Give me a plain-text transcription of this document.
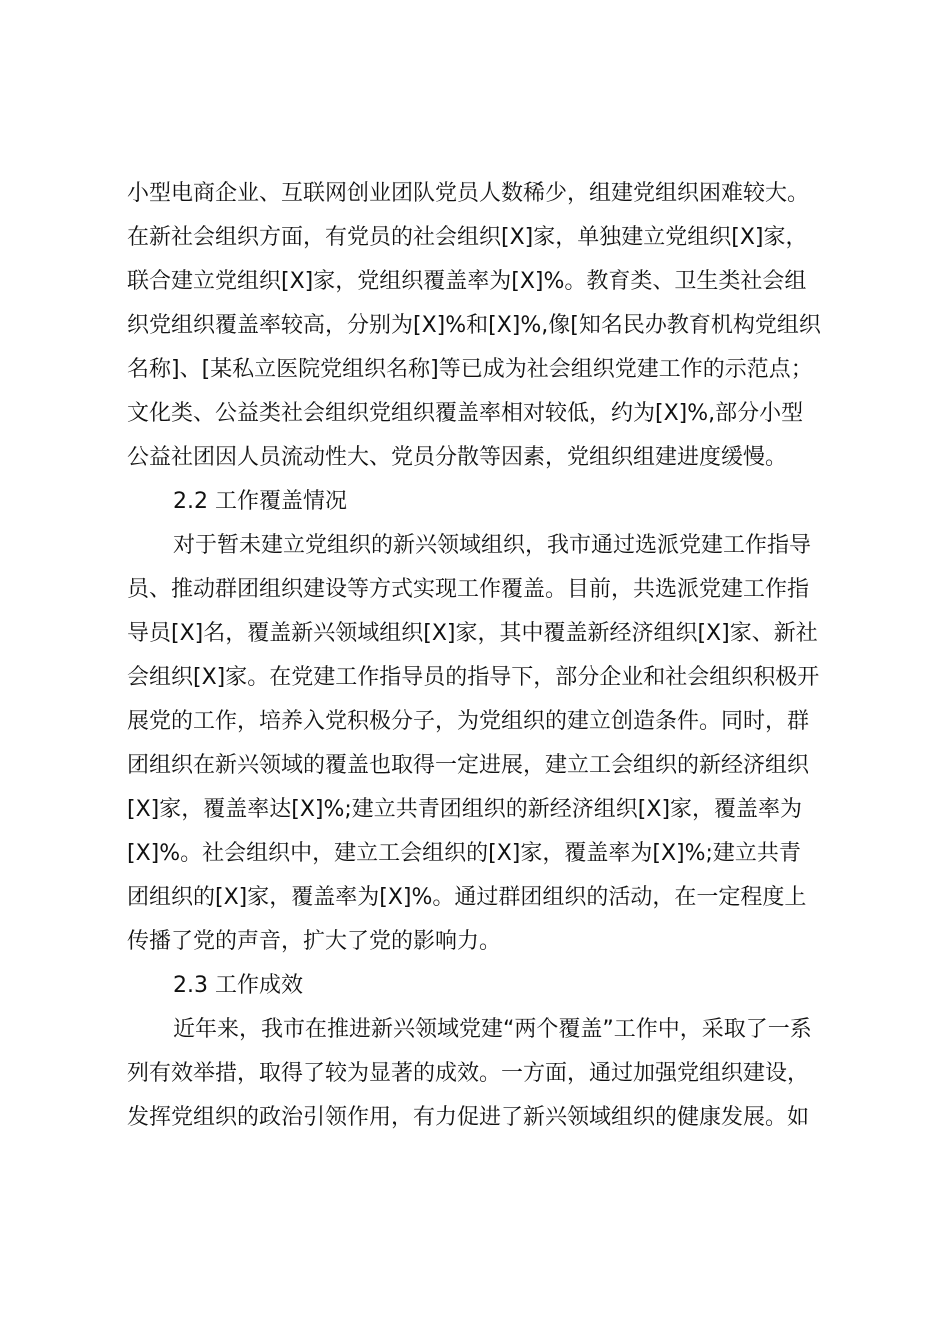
小型电商企业、互联网创业团队党员人数稀少，组建党组织困难较大。
在新社会组织方面，有党员的社会组织[X]家，单独建立党组织[X]家，
联合建立党组织[X]家，党组织覆盖率为[X]%。教育类、卫生类社会组
织党组织覆盖率较高，分别为[X]%和[X]%,像[知名民办教育机构党组织
名称]、[某私立医院党组织名称]等已成为社会组织党建工作的示范点；
文化类、公益类社会组织党组织覆盖率相对较低，约为[X]%,部分小型
公益社团因人员流动性大、党员分散等因素，党组织组建进度缓慢。
2.2 工作覆盖情况
对于暂未建立党组织的新兴领域组织，我市通过选派党建工作指导
员、推动群团组织建设等方式实现工作覆盖。目前，共选派党建工作指
导员[X]名，覆盖新兴领域组织[X]家，其中覆盖新经济组织[X]家、新社
会组织[X]家。在党建工作指导员的指导下，部分企业和社会组织积极开
展党的工作，培养入党积极分子，为党组织的建立创造条件。同时，群
团组织在新兴领域的覆盖也取得一定进展，建立工会组织的新经济组织
[X]家，覆盖率达[X]%;建立共青团组织的新经济组织[X]家，覆盖率为
[X]%。社会组织中，建立工会组织的[X]家，覆盖率为[X]%;建立共青
团组织的[X]家，覆盖率为[X]%。通过群团组织的活动，在一定程度上
传播了党的声音，扩大了党的影响力。
2.3 工作成效
近年来，我市在推进新兴领域党建“两个覆盖”工作中，采取了一系
列有效举措，取得了较为显著的成效。一方面，通过加强党组织建设，
发挥党组织的政治引领作用，有力促进了新兴领域组织的健康发展。如
